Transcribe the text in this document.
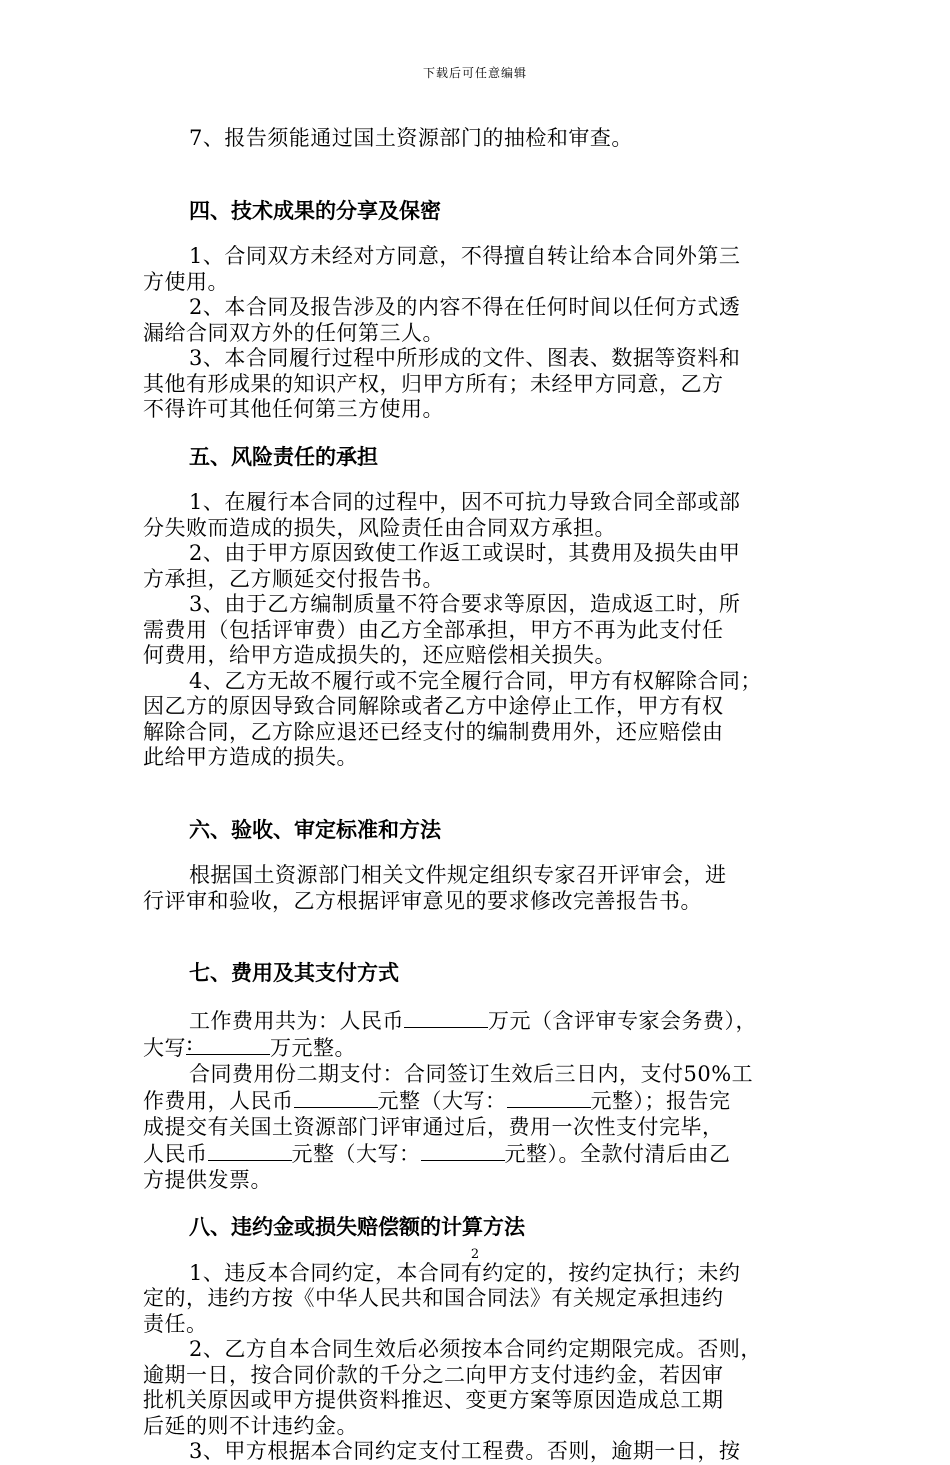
下载后可任意编辑

7、报告须能通过国土资源部门的抽检和审查。

四、技术成果的分享及保密

1、合同双方未经对方同意，不得擅自转让给本合同外第三
方使用。

2、本合同及报告涉及的内容不得在任何时间以任何方式透
漏给合同双方外的任何第三人。

3、本合同履行过程中所形成的文件、图表、数据等资料和
其他有形成果的知识产权，归甲方所有；未经甲方同意，乙方
不得许可其他任何第三方使用。

五、风险责任的承担

1、在履行本合同的过程中，因不可抗力导致合同全部或部
分失败而造成的损失，风险责任由合同双方承担。

2、由于甲方原因致使工作返工或误时，其费用及损失由甲
方承担，乙方顺延交付报告书。

3、由于乙方编制质量不符合要求等原因，造成返工时，所
需费用（包括评审费）由乙方全部承担，甲方不再为此支付任
何费用，给甲方造成损失的，还应赔偿相关损失。

4、乙方无故不履行或不完全履行合同，甲方有权解除合同；
因乙方的原因导致合同解除或者乙方中途停止工作，甲方有权
解除合同，乙方除应退还已经支付的编制费用外，还应赔偿由
此给甲方造成的损失。

六、验收、审定标准和方法

根据国土资源部门相关文件规定组织专家召开评审会，进
行评审和验收，乙方根据评审意见的要求修改完善报告书。

七、费用及其支付方式

工作费用共为：人民币	万元（含评审专家会务费），
大写 :	万元整。

合同费用份二期支付：合同签订生效后三日内，支付50%工
作费用，人民币	元整（大写：	元整）；报告完
成提交有关国土资源部门评审通过后，费用一次性支付完毕，
人民币	元整（大写：	元整）。全款付清后由乙
方提供发票。

八、违约金或损失赔偿额的计算方法

1、违反本合同约定，本合同有约定的，按约定执行；未约
定的，违约方按《中华人民共和国合同法》有关规定承担违约
责任。

2、乙方自本合同生效后必须按本合同约定期限完成。否则，
逾期一日，按合同价款的千分之二向甲方支付违约金，若因审
批机关原因或甲方提供资料推迟、变更方案等原因造成总工期
后延的则不计违约金。

3、甲方根据本合同约定支付工程费。否则，逾期一日，按

2
